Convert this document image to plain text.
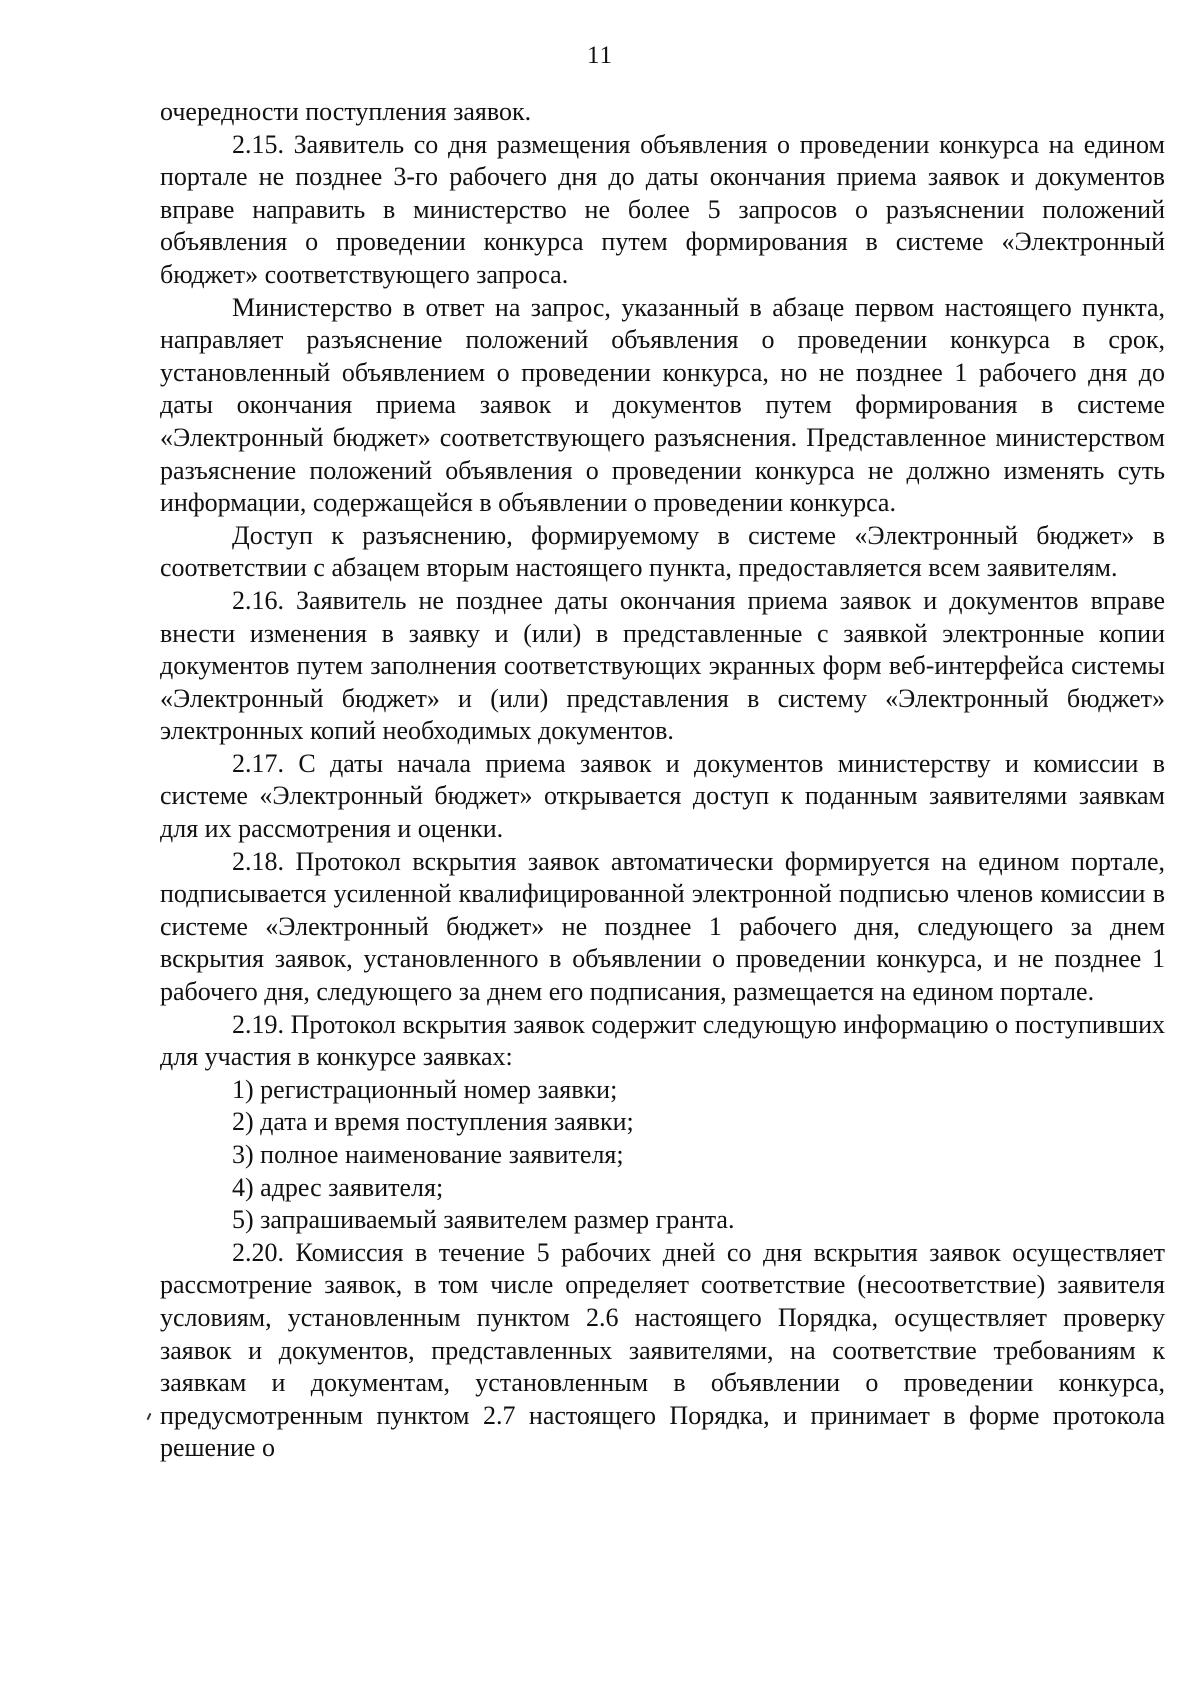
11

очередности поступления заявок.

2.15. Заявитель со дня размещения объявления о проведении конкурса на едином портале не позднее 3-го рабочего дня до даты окончания приема заявок и документов вправе направить в министерство не более 5 запросов о разъяснении положений объявления о проведении конкурса путем формирования в системе «Электронный бюджет» соответствующего запроса.

Министерство в ответ на запрос, указанный в абзаце первом настоящего пункта, направляет разъяснение положений объявления о проведении конкурса в срок, установленный объявлением о проведении конкурса, но не позднее 1 рабочего дня до даты окончания приема заявок и документов путем формирования в системе «Электронный бюджет» соответствующего разъяснения. Представленное министерством разъяснение положений объявления о проведении конкурса не должно изменять суть информации, содержащейся в объявлении о проведении конкурса.

Доступ к разъяснению, формируемому в системе «Электронный бюджет» в соответствии с абзацем вторым настоящего пункта, предоставляется всем заявителям.

2.16. Заявитель не позднее даты окончания приема заявок и документов вправе внести изменения в заявку и (или) в представленные с заявкой электронные копии документов путем заполнения соответствующих экранных форм веб-интерфейса системы «Электронный бюджет» и (или) представления в систему «Электронный бюджет» электронных копий необходимых документов.

2.17. С даты начала приема заявок и документов министерству и комиссии в системе «Электронный бюджет» открывается доступ к поданным заявителями заявкам для их рассмотрения и оценки.

2.18. Протокол вскрытия заявок автоматически формируется на едином портале, подписывается усиленной квалифицированной электронной подписью членов комиссии в системе «Электронный бюджет» не позднее 1 рабочего дня, следующего за днем вскрытия заявок, установленного в объявлении о проведении конкурса, и не позднее 1 рабочего дня, следующего за днем его подписания, размещается на едином портале.

2.19. Протокол вскрытия заявок содержит следующую информацию о поступивших для участия в конкурсе заявках:

1) регистрационный номер заявки;

2) дата и время поступления заявки;

3) полное наименование заявителя;

4) адрес заявителя;

5) запрашиваемый заявителем размер гранта.

2.20. Комиссия в течение 5 рабочих дней со дня вскрытия заявок осуществляет рассмотрение заявок, в том числе определяет соответствие (несоответствие) заявителя условиям, установленным пунктом 2.6 настоящего Порядка, осуществляет проверку заявок и документов, представленных заявителями, на соответствие требованиям к заявкам и документам, установленным в объявлении о проведении конкурса, предусмотренным пунктом 2.7 настоящего Порядка, и принимает в форме протокола решение о
